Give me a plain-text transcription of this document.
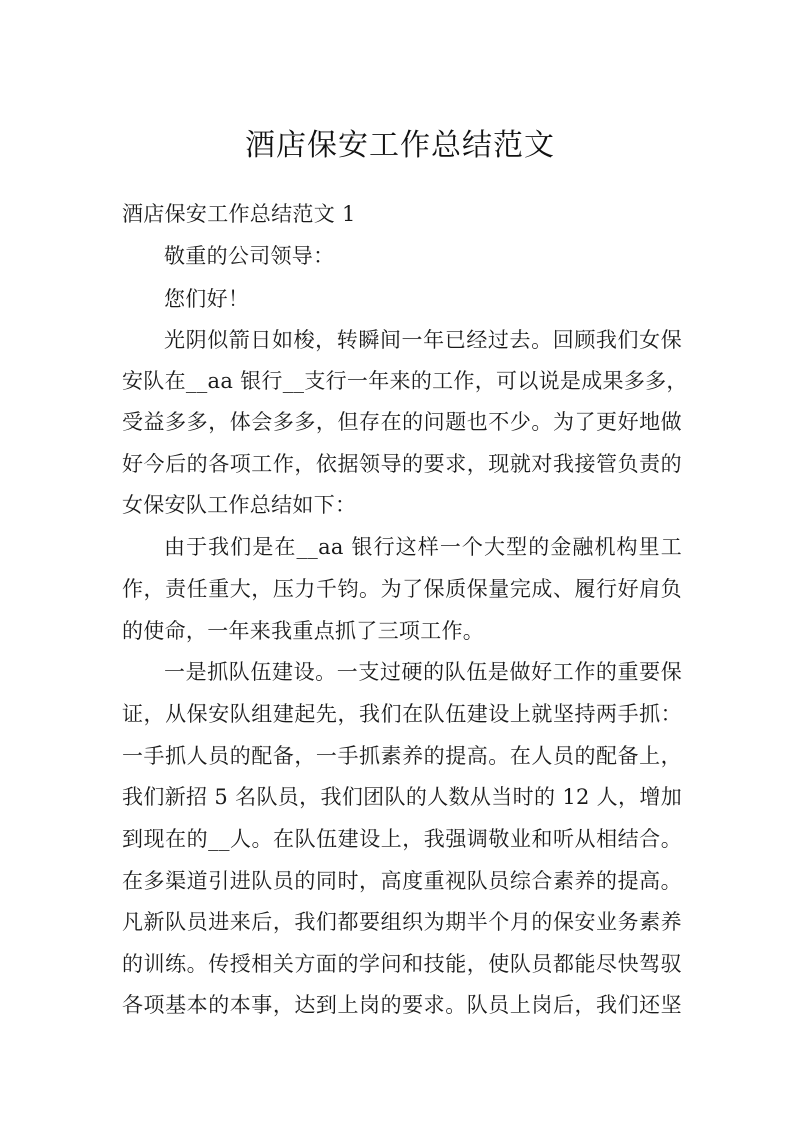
酒店保安工作总结范文
酒店保安工作总结范文 1
敬重的公司领导：
您们好！
光阴似箭日如梭，转瞬间一年已经过去。回顾我们女保
安队在__aa 银行__支行一年来的工作，可以说是成果多多，
受益多多，体会多多，但存在的问题也不少。为了更好地做
好今后的各项工作，依据领导的要求，现就对我接管负责的
女保安队工作总结如下：
由于我们是在__aa 银行这样一个大型的金融机构里工
作，责任重大，压力千钧。为了保质保量完成、履行好肩负
的使命，一年来我重点抓了三项工作。
一是抓队伍建设。一支过硬的队伍是做好工作的重要保
证，从保安队组建起先，我们在队伍建设上就坚持两手抓：
一手抓人员的配备，一手抓素养的提高。在人员的配备上，
我们新招 5 名队员，我们团队的人数从当时的 12 人，增加
到现在的__人。在队伍建设上，我强调敬业和听从相结合。
在多渠道引进队员的同时，高度重视队员综合素养的提高。
凡新队员进来后，我们都要组织为期半个月的保安业务素养
的训练。传授相关方面的学问和技能，使队员都能尽快驾驭
各项基本的本事，达到上岗的要求。队员上岗后，我们还坚
